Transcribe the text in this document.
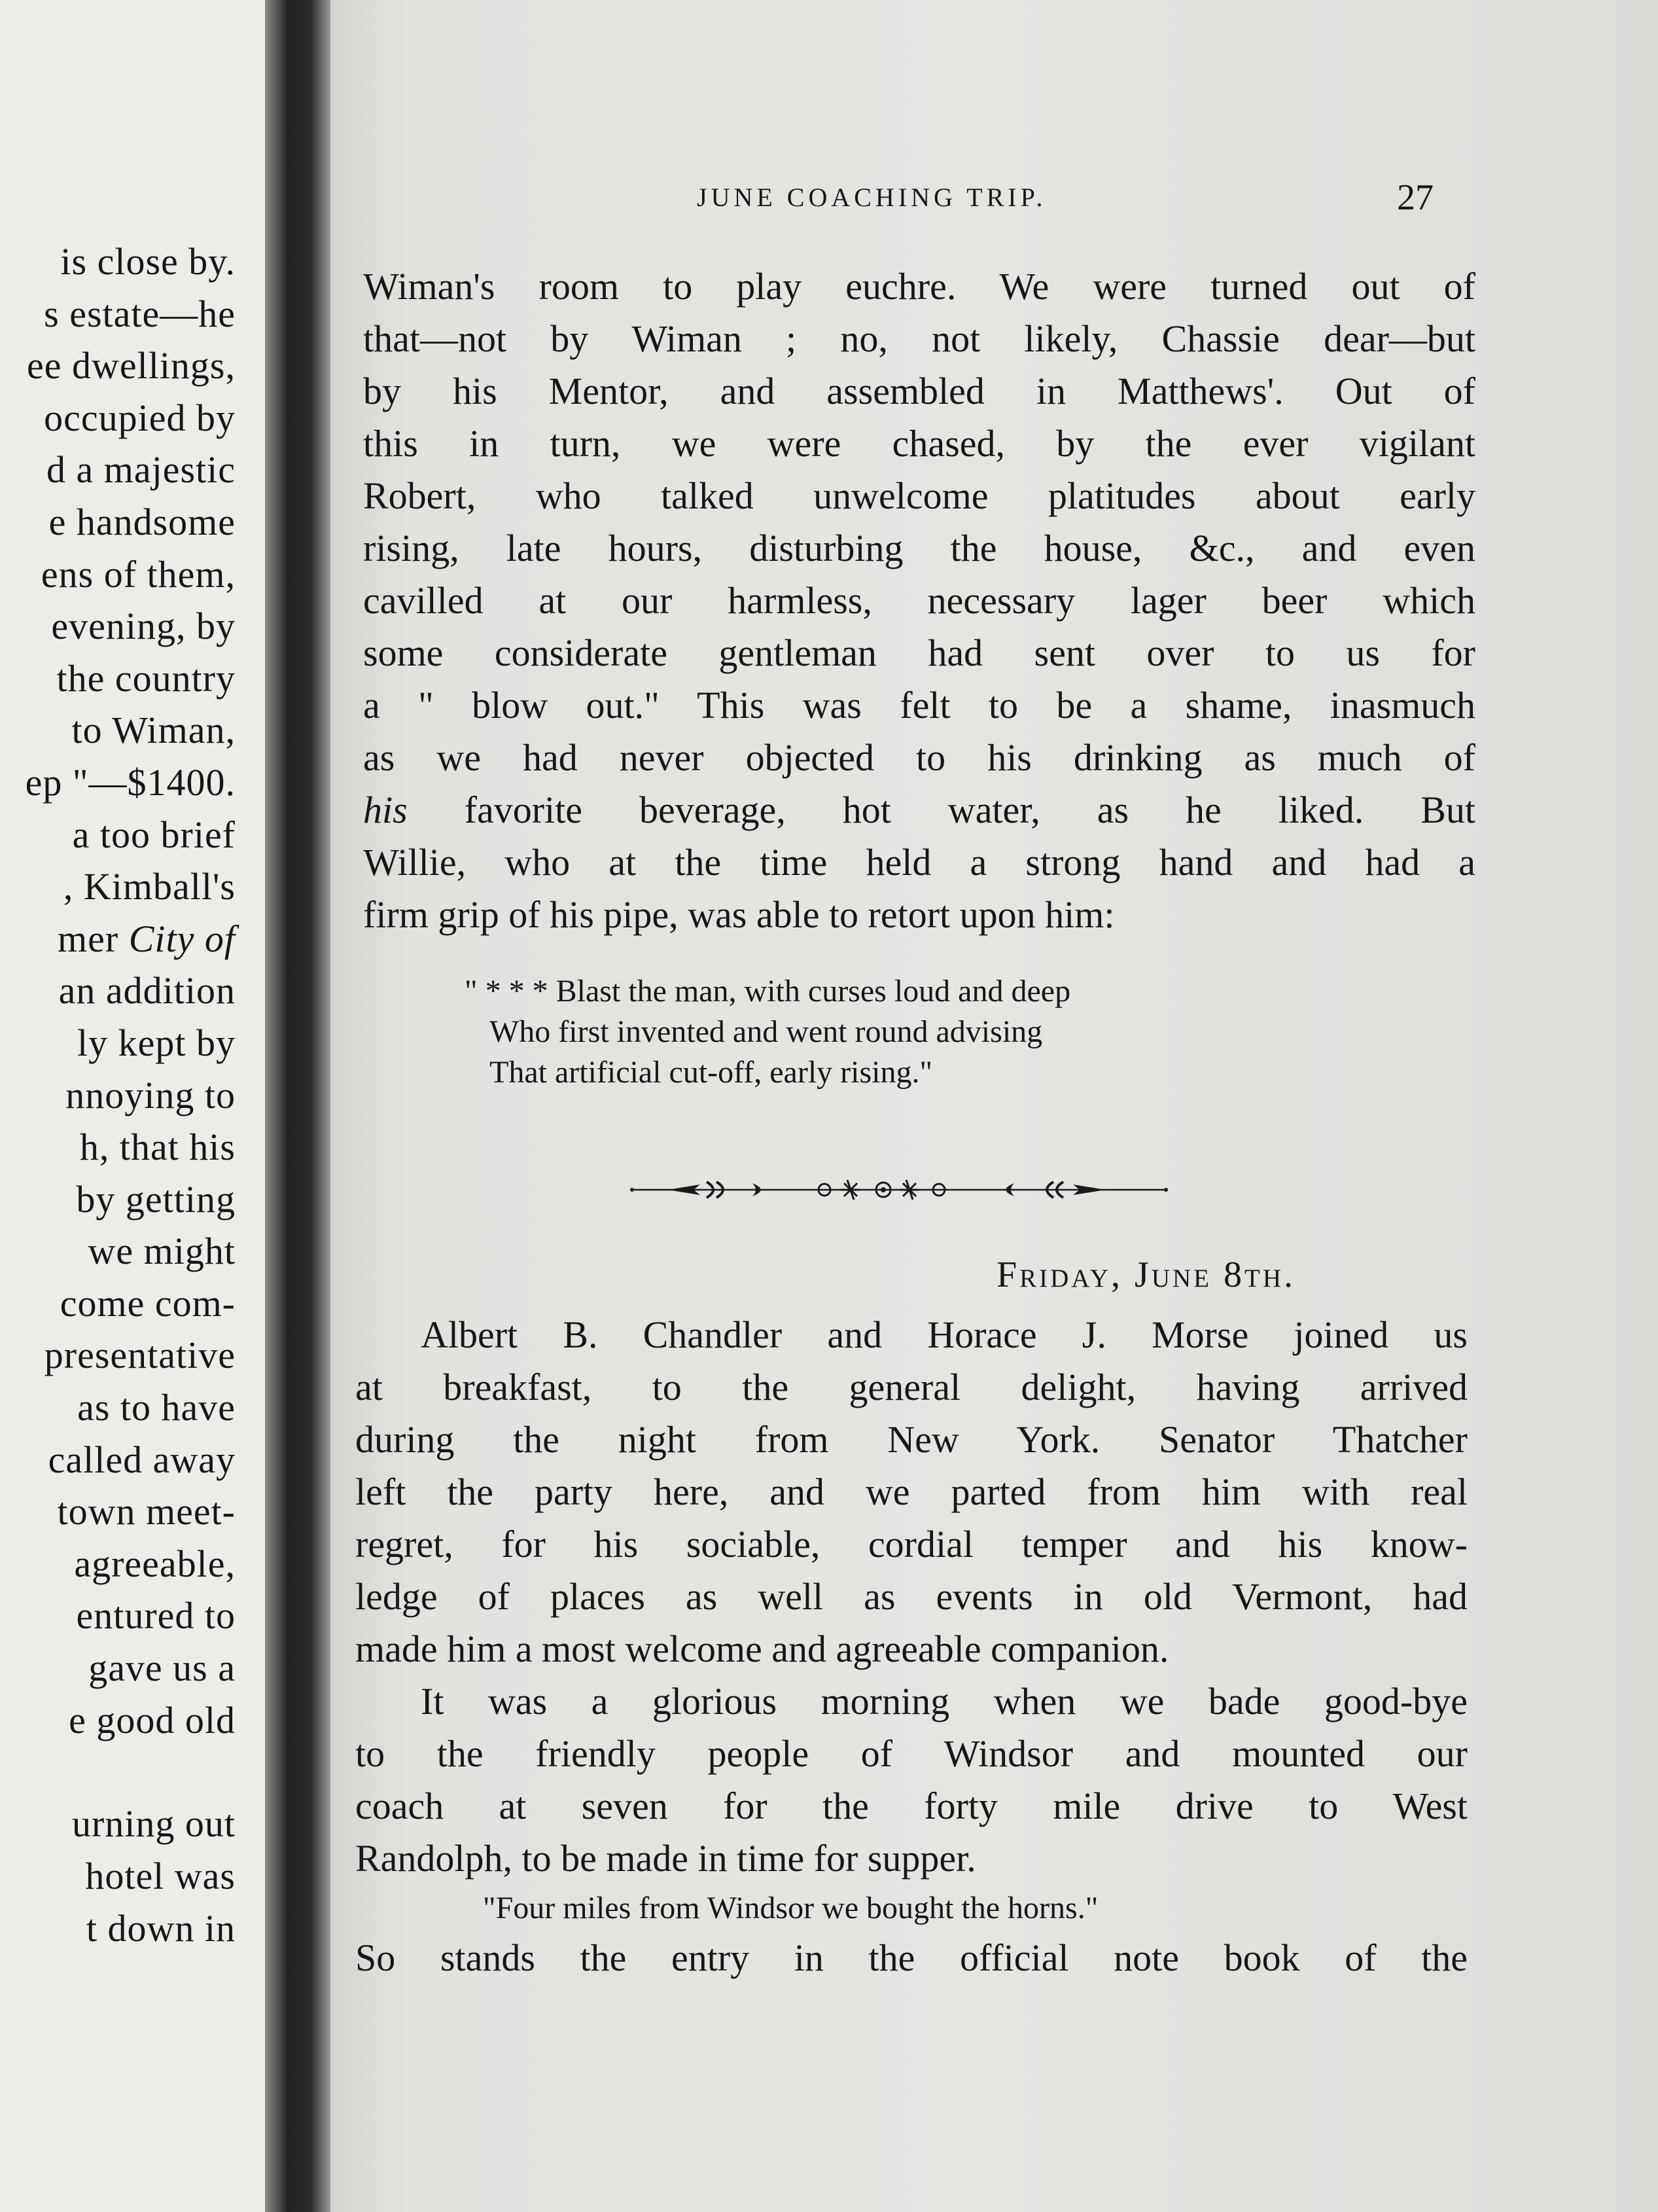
is close by.
s estate—he
ee dwellings,
occupied by
d a majestic
e handsome
ens of them,
evening, by
the country
to Wiman,
ep "—$1400.
a too brief
, Kimball's
mer City of
an addition
ly kept by
nnoying to
h, that his
by getting
we might
come com-
presentative
as to have
called away
town meet-
agreeable,
entured to
gave us a
e good old
urning out
hotel was
t down in
JUNE COACHING TRIP.	27
Wiman's room to play euchre. We were turned out of
that—not by Wiman ; no, not likely, Chassie dear—but
by his Mentor, and assembled in Matthews'. Out of
this in turn, we were chased, by the ever vigilant
Robert, who talked unwelcome platitudes about early
rising, late hours, disturbing the house, &c., and even
cavilled at our harmless, necessary lager beer which
some considerate gentleman had sent over to us for
a " blow out." This was felt to be a shame, inasmuch
as we had never objected to his drinking as much of
his favorite beverage, hot water, as he liked. But
Willie, who at the time held a strong hand and had a
firm grip of his pipe, was able to retort upon him:
" * * * Blast the man, with curses loud and deep
Who first invented and went round advising
That artificial cut-off, early rising."
Friday, June 8th.
Albert B. Chandler and Horace J. Morse joined us
at breakfast, to the general delight, having arrived
during the night from New York. Senator Thatcher
left the party here, and we parted from him with real
regret, for his sociable, cordial temper and his know-
ledge of places as well as events in old Vermont, had
made him a most welcome and agreeable companion.
It was a glorious morning when we bade good-bye
to the friendly people of Windsor and mounted our
coach at seven for the forty mile drive to West
Randolph, to be made in time for supper.
"Four miles from Windsor we bought the horns."
So stands the entry in the official note book of the
